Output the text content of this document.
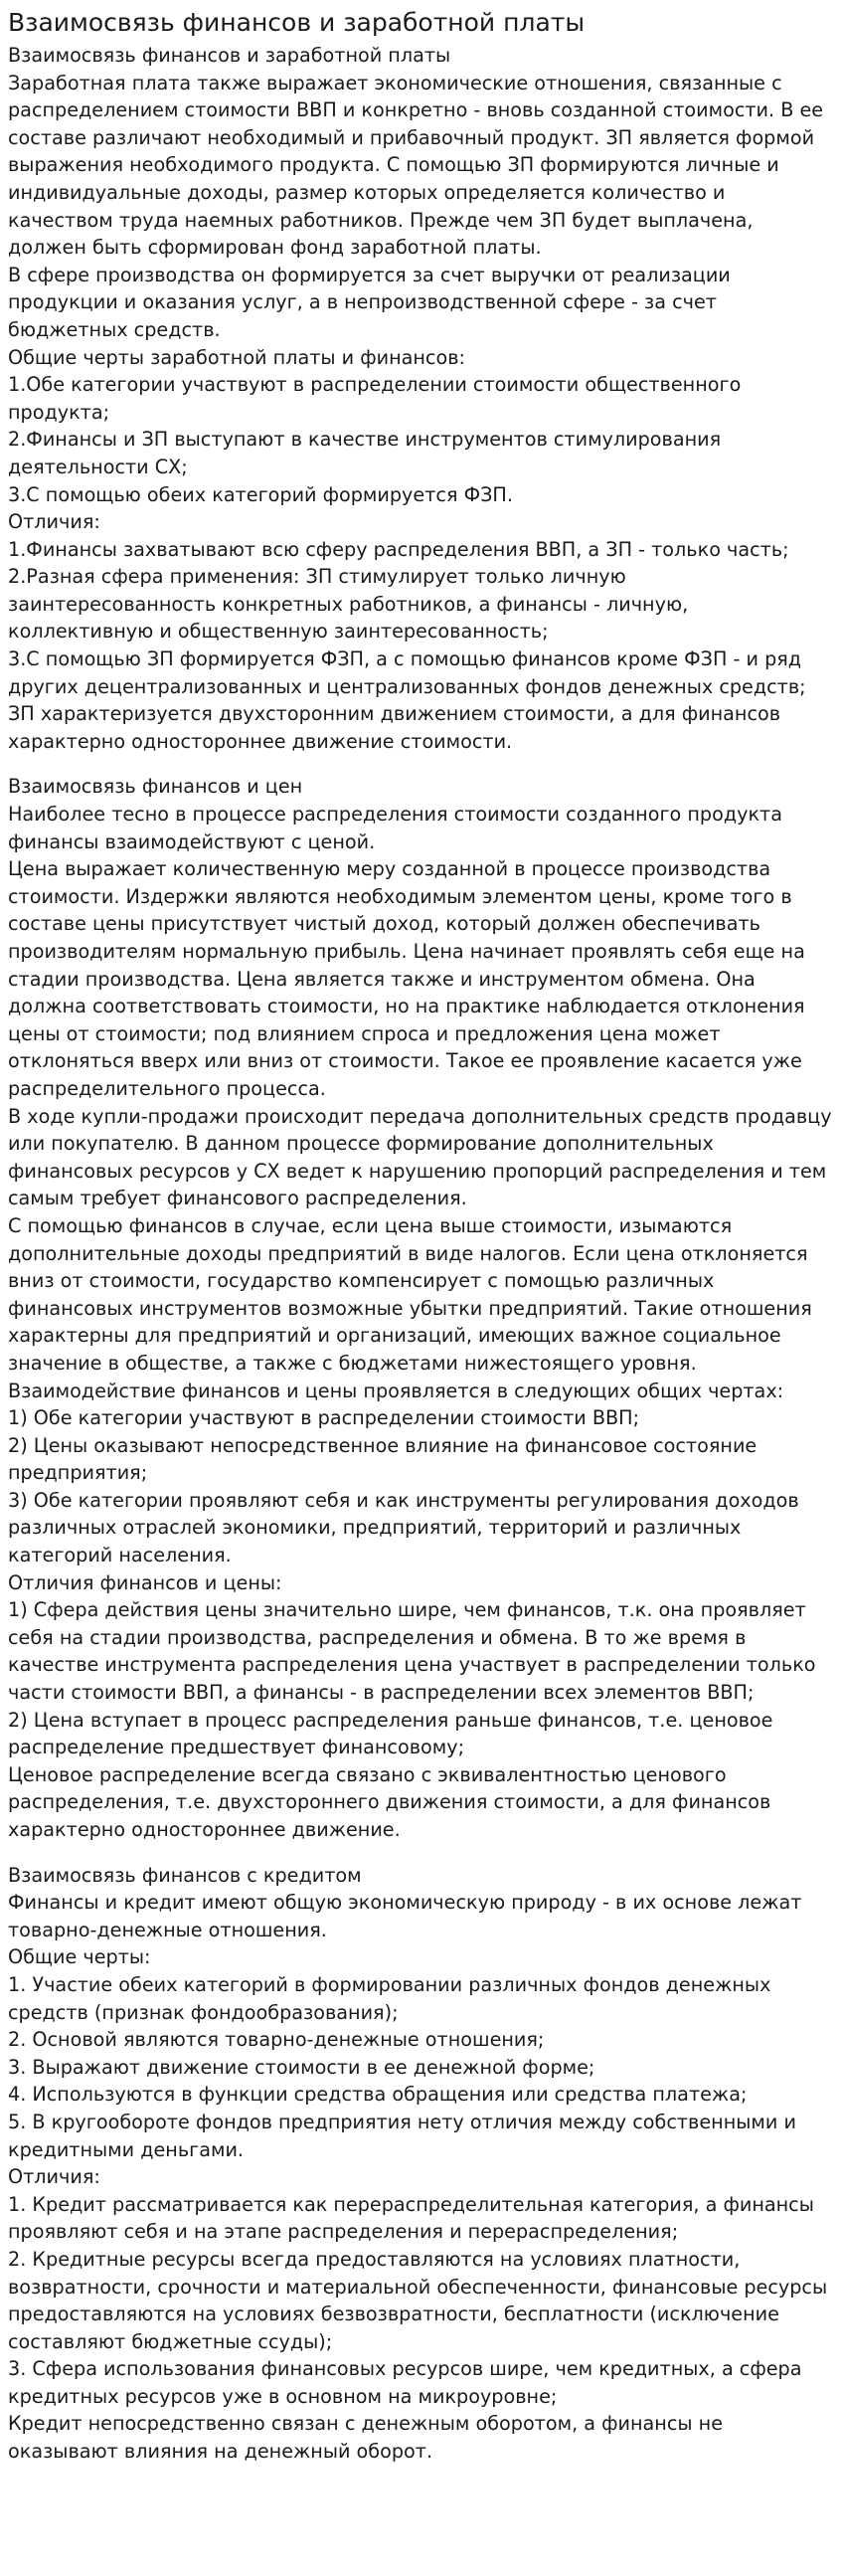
Взаимосвязь финансов и заработной платы

Взаимосвязь финансов и заработной платы

Заработная плата также выражает экономические отношения, связанные с распределением стоимости ВВП и конкретно - вновь созданной стоимости. В ее составе различают необходимый и прибавочный продукт. ЗП является формой выражения необходимого продукта. С помощью ЗП формируются личные и индивидуальные доходы, размер которых определяется количество и качеством труда наемных работников. Прежде чем ЗП будет выплачена, должен быть сформирован фонд заработной платы.

В сфере производства он формируется за счет выручки от реализации продукции и оказания услуг, а в непроизводственной сфере - за счет бюджетных средств.

Общие черты заработной платы и финансов:

1.Обе категории участвуют в распределении стоимости общественного продукта;

2.Финансы и ЗП выступают в качестве инструментов стимулирования деятельности СХ;

3.С помощью обеих категорий формируется ФЗП.

Отличия:

1.Финансы захватывают всю сферу распределения ВВП, а ЗП - только часть;

2.Разная сфера применения: ЗП стимулирует только личную заинтересованность конкретных работников, а финансы - личную, коллективную и общественную заинтересованность;

3.С помощью ЗП формируется ФЗП, а с помощью финансов кроме ФЗП - и ряд других децентрализованных и централизованных фондов денежных средств;

ЗП характеризуется двухсторонним движением стоимости, а для финансов характерно одностороннее движение стоимости.

Взаимосвязь финансов и цен

Наиболее тесно в процессе распределения стоимости созданного продукта финансы взаимодействуют с ценой.

Цена выражает количественную меру созданной в процессе производства стоимости. Издержки являются необходимым элементом цены, кроме того в составе цены присутствует чистый доход, который должен обеспечивать производителям нормальную прибыль. Цена начинает проявлять себя еще на стадии производства. Цена является также и инструментом обмена. Она должна соответствовать стоимости, но на практике наблюдается отклонения цены от стоимости; под влиянием спроса и предложения цена может отклоняться вверх или вниз от стоимости. Такое ее проявление касается уже распределительного процесса.

В ходе купли-продажи происходит передача дополнительных средств продавцу или покупателю. В данном процессе формирование дополнительных финансовых ресурсов у СХ ведет к нарушению пропорций распределения и тем самым требует финансового распределения.

С помощью финансов в случае, если цена выше стоимости, изымаются дополнительные доходы предприятий в виде налогов. Если цена отклоняется вниз от стоимости, государство компенсирует с помощью различных финансовых инструментов возможные убытки предприятий. Такие отношения характерны для предприятий и организаций, имеющих важное социальное значение в обществе, а также с бюджетами нижестоящего уровня.

Взаимодействие финансов и цены проявляется в следующих общих чертах:

1) Обе категории участвуют в распределении стоимости ВВП;

2) Цены оказывают непосредственное влияние на финансовое состояние предприятия;

3) Обе категории проявляют себя и как инструменты регулирования доходов различных отраслей экономики, предприятий, территорий и различных категорий населения.

Отличия финансов и цены:

1) Сфера действия цены значительно шире, чем финансов, т.к. она проявляет себя на стадии производства, распределения и обмена. В то же время в качестве инструмента распределения цена участвует в распределении только части стоимости ВВП, а финансы - в распределении всех элементов ВВП;

2) Цена вступает в процесс распределения раньше финансов, т.е. ценовое распределение предшествует финансовому;

Ценовое распределение всегда связано с эквивалентностью ценового распределения, т.е. двухстороннего движения стоимости, а для финансов характерно одностороннее движение.

Взаимосвязь финансов с кредитом

Финансы и кредит имеют общую экономическую природу - в их основе лежат товарно-денежные отношения.

Общие черты:

1. Участие обеих категорий в формировании различных фондов денежных средств (признак фондообразования);

2. Основой являются товарно-денежные отношения;

3. Выражают движение стоимости в ее денежной форме;

4. Используются в функции средства обращения или средства платежа;

5. В кругообороте фондов предприятия нету отличия между собственными и кредитными деньгами.

Отличия:

1. Кредит рассматривается как перераспределительная категория, а финансы проявляют себя и на этапе распределения и перераспределения;

2. Кредитные ресурсы всегда предоставляются на условиях платности, возвратности, срочности и материальной обеспеченности, финансовые ресурсы предоставляются на условиях безвозвратности, бесплатности (исключение составляют бюджетные ссуды);

3. Сфера использования финансовых ресурсов шире, чем кредитных, а сфера кредитных ресурсов уже в основном на микроуровне;

Кредит непосредственно связан с денежным оборотом, а финансы не оказывают влияния на денежный оборот.
